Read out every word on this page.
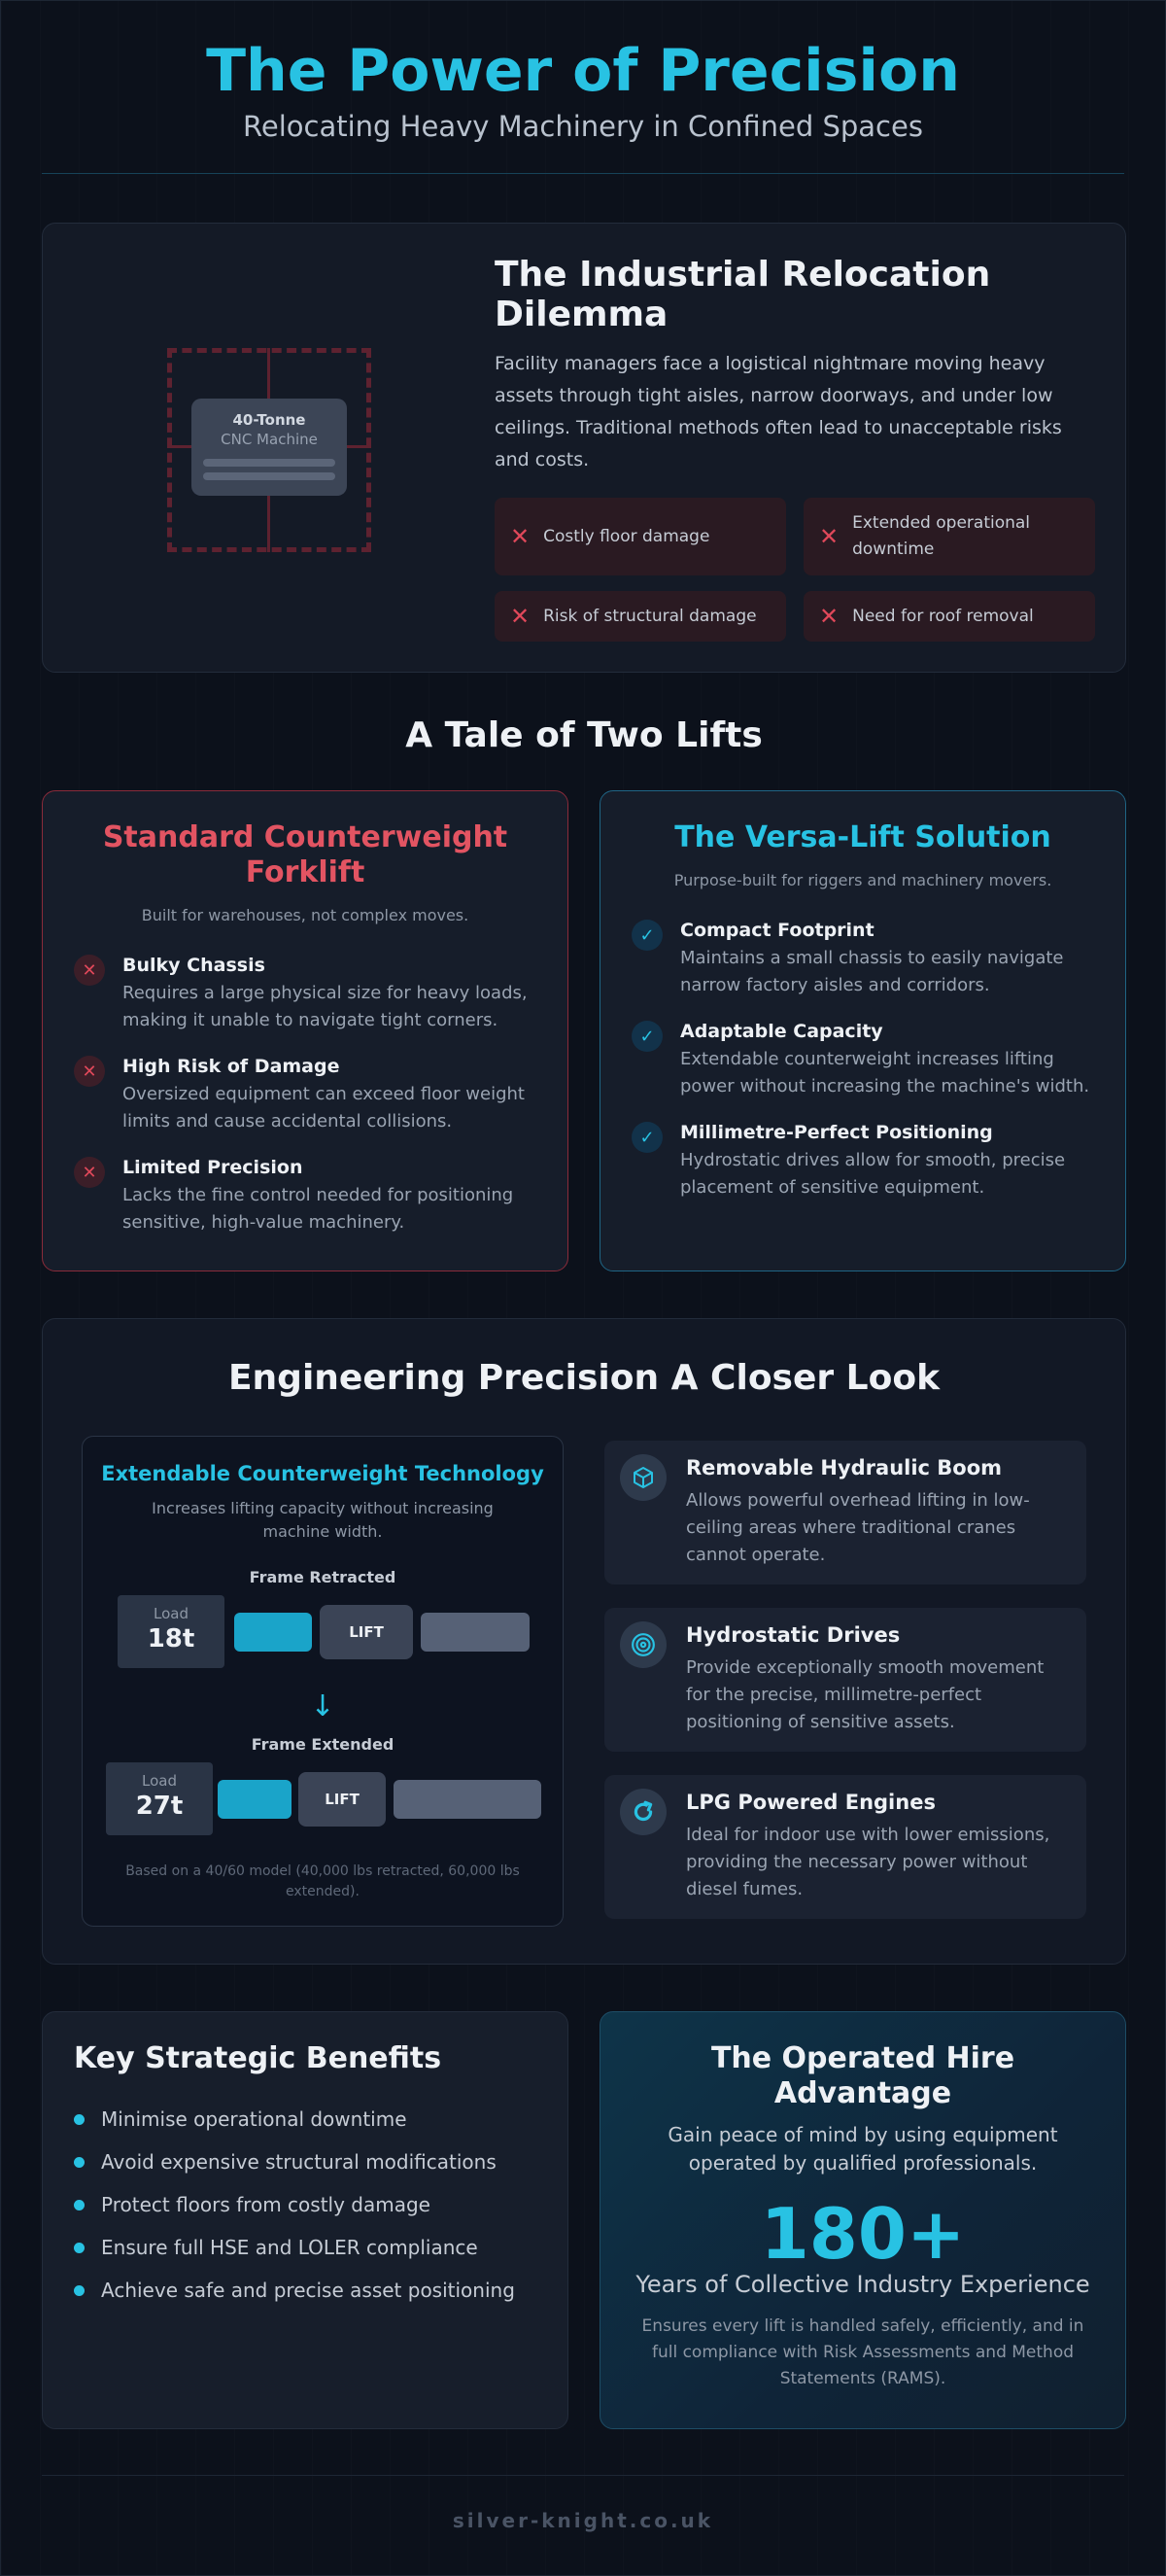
The Power of Precision
Relocating Heavy Machinery in Confined Spaces
40-Tonne
CNC Machine
The Industrial Relocation Dilemma
Facility managers face a logistical nightmare moving heavy assets through tight aisles, narrow doorways, and under low ceilings. Traditional methods often lead to unacceptable risks and costs.
✕ Costly floor damage	✕ Extended operational downtime
✕ Risk of structural damage	✕ Need for roof removal
A Tale of Two Lifts
Standard Counterweight Forklift
Built for warehouses, not complex moves.
✕	Bulky Chassis
Requires a large physical size for heavy loads, making it unable to navigate tight corners.
✕	High Risk of Damage
Oversized equipment can exceed floor weight limits and cause accidental collisions.
✕	Limited Precision
Lacks the fine control needed for positioning sensitive, high-value machinery.
The Versa-Lift Solution
Purpose-built for riggers and machinery movers.
✓	Compact Footprint
Maintains a small chassis to easily navigate narrow factory aisles and corridors.
✓	Adaptable Capacity
Extendable counterweight increases lifting power without increasing the machine's width.
✓	Millimetre-Perfect Positioning
Hydrostatic drives allow for smooth, precise placement of sensitive equipment.
Engineering Precision A Closer Look
Extendable Counterweight Technology
Increases lifting capacity without increasing machine width.
Frame Retracted
Load
18t	LIFT
↓
Frame Extended
Load
27t	LIFT
Based on a 40/60 model (40,000 lbs retracted, 60,000 lbs extended).
Removable Hydraulic Boom
Allows powerful overhead lifting in low-ceiling areas where traditional cranes cannot operate.
Hydrostatic Drives
Provide exceptionally smooth movement for the precise, millimetre-perfect positioning of sensitive assets.
LPG Powered Engines
Ideal for indoor use with lower emissions, providing the necessary power without diesel fumes.
Key Strategic Benefits
Minimise operational downtime
Avoid expensive structural modifications
Protect floors from costly damage
Ensure full HSE and LOLER compliance
Achieve safe and precise asset positioning
The Operated Hire Advantage
Gain peace of mind by using equipment operated by qualified professionals.
180+
Years of Collective Industry Experience
Ensures every lift is handled safely, efficiently, and in full compliance with Risk Assessments and Method Statements (RAMS).
silver-knight.co.uk
